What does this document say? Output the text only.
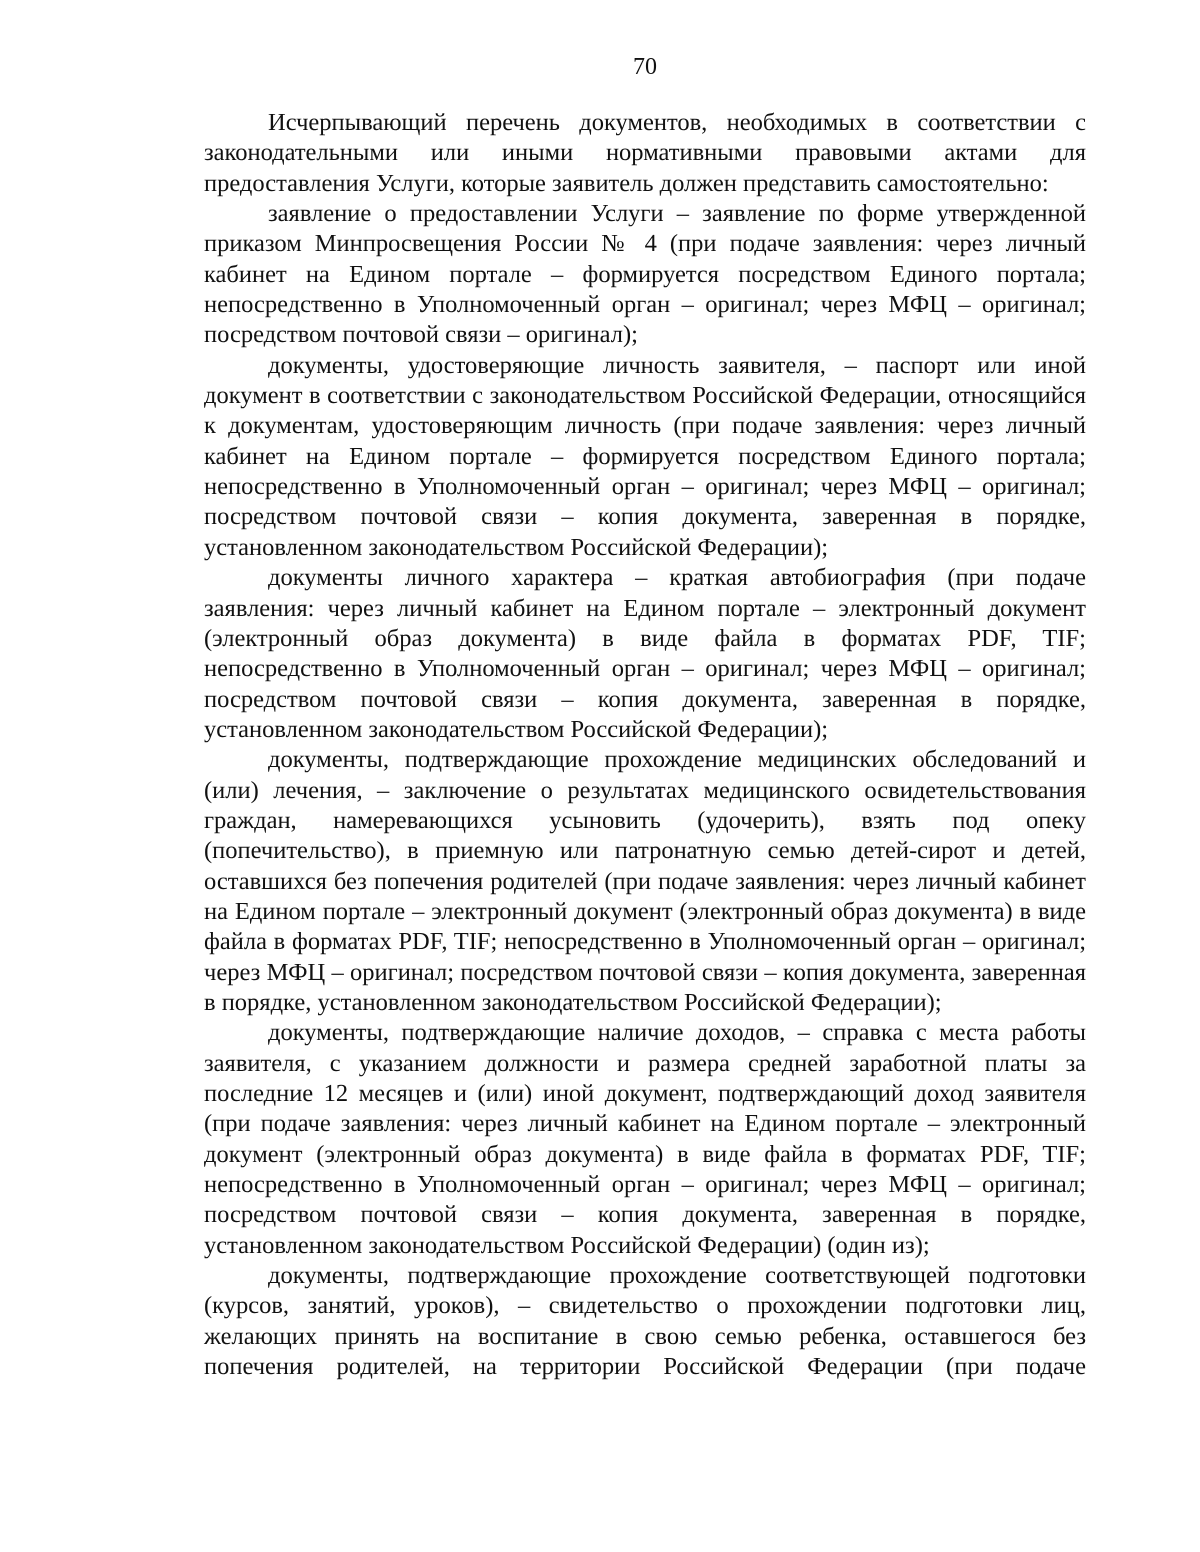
70

Исчерпывающий перечень документов, необходимых в соответствии с законодательными или иными нормативными правовыми актами для предоставления Услуги, которые заявитель должен представить самостоятельно:

заявление о предоставлении Услуги – заявление по форме утвержденной приказом Минпросвещения России № 4 (при подаче заявления: через личный кабинет на Едином портале – формируется посредством Единого портала; непосредственно в Уполномоченный орган – оригинал; через МФЦ – оригинал; посредством почтовой связи – оригинал);

документы, удостоверяющие личность заявителя, – паспорт или иной документ в соответствии с законодательством Российской Федерации, относящийся к документам, удостоверяющим личность (при подаче заявления: через личный кабинет на Едином портале – формируется посредством Единого портала; непосредственно в Уполномоченный орган – оригинал; через МФЦ – оригинал; посредством почтовой связи – копия документа, заверенная в порядке, установленном законодательством Российской Федерации);

документы личного характера – краткая автобиография (при подаче заявления: через личный кабинет на Едином портале – электронный документ (электронный образ документа) в виде файла в форматах PDF, TIF; непосредственно в Уполномоченный орган – оригинал; через МФЦ – оригинал; посредством почтовой связи – копия документа, заверенная в порядке, установленном законодательством Российской Федерации);

документы, подтверждающие прохождение медицинских обследований и (или) лечения, – заключение о результатах медицинского освидетельствования граждан, намеревающихся усыновить (удочерить), взять под опеку (попечительство), в приемную или патронатную семью детей-сирот и детей, оставшихся без попечения родителей (при подаче заявления: через личный кабинет на Едином портале – электронный документ (электронный образ документа) в виде файла в форматах PDF, TIF; непосредственно в Уполномоченный орган – оригинал; через МФЦ – оригинал; посредством почтовой связи – копия документа, заверенная в порядке, установленном законодательством Российской Федерации);

документы, подтверждающие наличие доходов, – справка с места работы заявителя, с указанием должности и размера средней заработной платы за последние 12 месяцев и (или) иной документ, подтверждающий доход заявителя (при подаче заявления: через личный кабинет на Едином портале – электронный документ (электронный образ документа) в виде файла в форматах PDF, TIF; непосредственно в Уполномоченный орган – оригинал; через МФЦ – оригинал; посредством почтовой связи – копия документа, заверенная в порядке, установленном законодательством Российской Федерации) (один из);

документы, подтверждающие прохождение соответствующей подготовки (курсов, занятий, уроков), – свидетельство о прохождении подготовки лиц, желающих принять на воспитание в свою семью ребенка, оставшегося без попечения родителей, на территории Российской Федерации (при подаче
